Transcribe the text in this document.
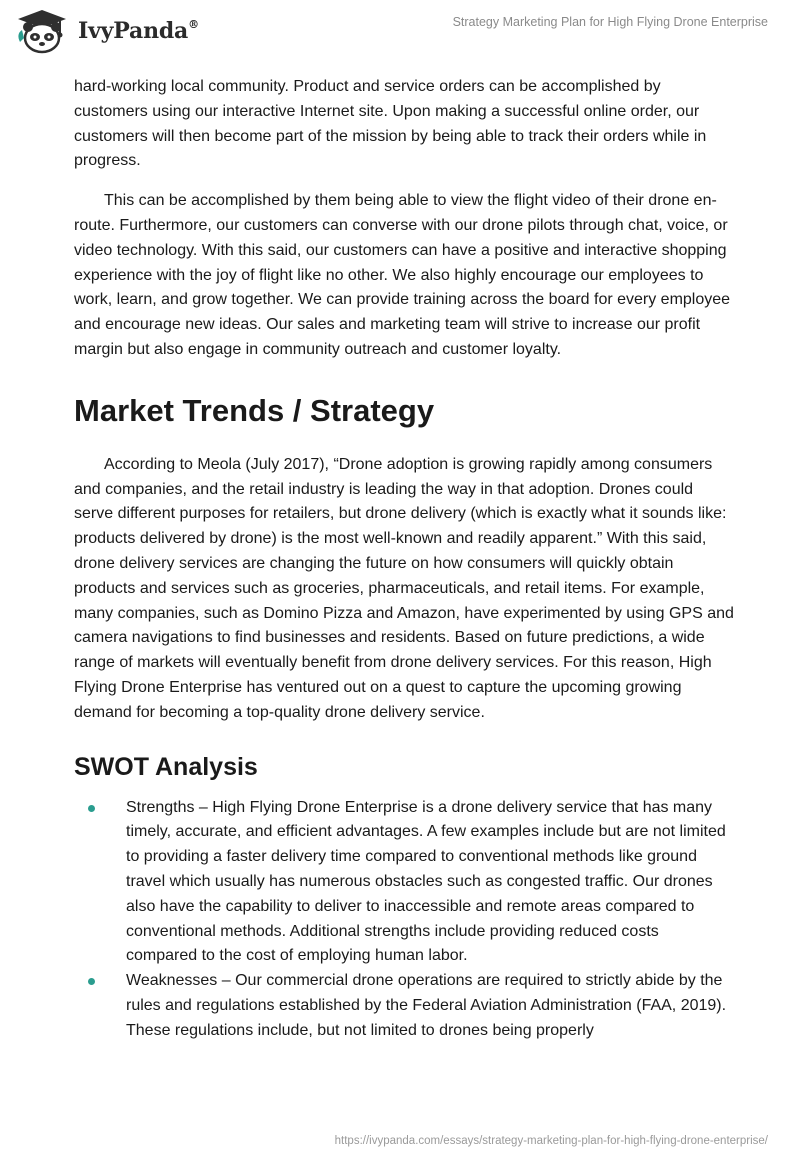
IvyPanda®	Strategy Marketing Plan for High Flying Drone Enterprise

hard-working local community. Product and service orders can be accomplished by customers using our interactive Internet site. Upon making a successful online order, our customers will then become part of the mission by being able to track their orders while in progress.

This can be accomplished by them being able to view the flight video of their drone en-route. Furthermore, our customers can converse with our drone pilots through chat, voice, or video technology. With this said, our customers can have a positive and interactive shopping experience with the joy of flight like no other. We also highly encourage our employees to work, learn, and grow together. We can provide training across the board for every employee and encourage new ideas. Our sales and marketing team will strive to increase our profit margin but also engage in community outreach and customer loyalty.

Market Trends / Strategy

According to Meola (July 2017), “Drone adoption is growing rapidly among consumers and companies, and the retail industry is leading the way in that adoption. Drones could serve different purposes for retailers, but drone delivery (which is exactly what it sounds like: products delivered by drone) is the most well-known and readily apparent.” With this said, drone delivery services are changing the future on how consumers will quickly obtain products and services such as groceries, pharmaceuticals, and retail items. For example, many companies, such as Domino Pizza and Amazon, have experimented by using GPS and camera navigations to find businesses and residents. Based on future predictions, a wide range of markets will eventually benefit from drone delivery services. For this reason, High Flying Drone Enterprise has ventured out on a quest to capture the upcoming growing demand for becoming a top-quality drone delivery service.

SWOT Analysis
Strengths – High Flying Drone Enterprise is a drone delivery service that has many timely, accurate, and efficient advantages. A few examples include but are not limited to providing a faster delivery time compared to conventional methods like ground travel which usually has numerous obstacles such as congested traffic. Our drones also have the capability to deliver to inaccessible and remote areas compared to conventional methods. Additional strengths include providing reduced costs compared to the cost of employing human labor.
Weaknesses – Our commercial drone operations are required to strictly abide by the rules and regulations established by the Federal Aviation Administration (FAA, 2019). These regulations include, but not limited to drones being properly
https://ivypanda.com/essays/strategy-marketing-plan-for-high-flying-drone-enterprise/
